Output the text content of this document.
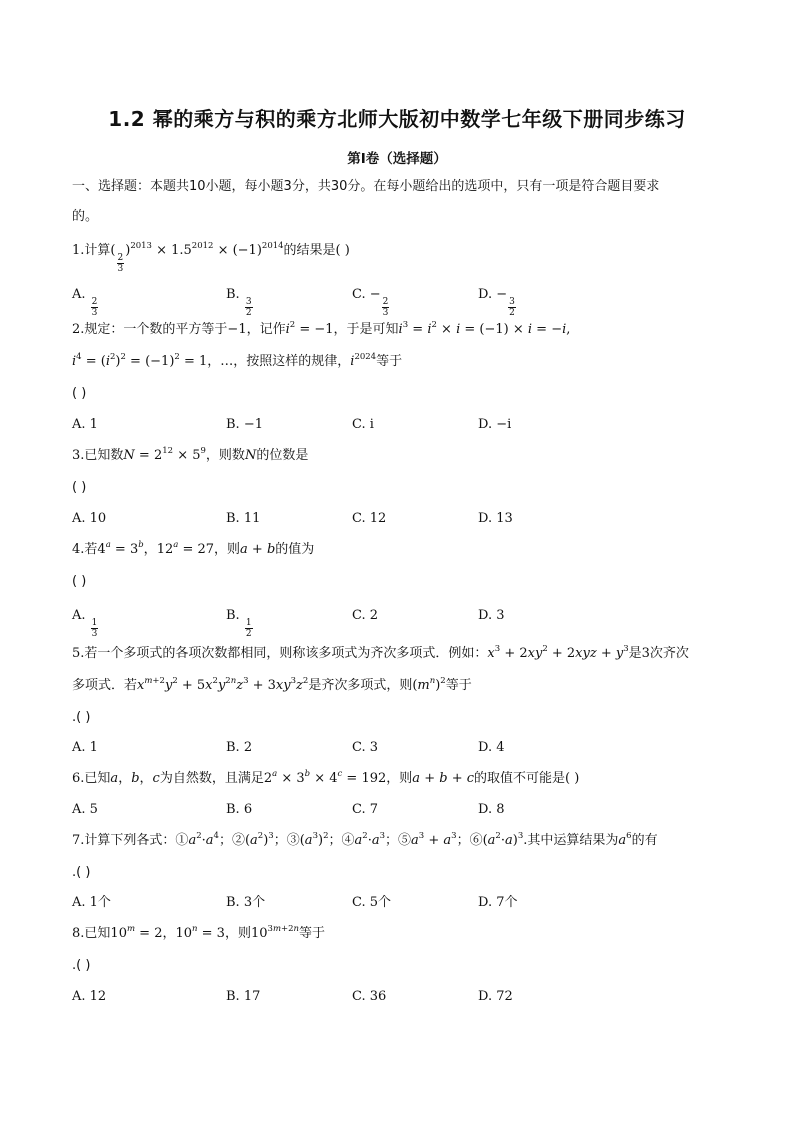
1.2 幂的乘方与积的乘方北师大版初中数学七年级下册同步练习
第I卷（选择题）
一、选择题：本题共10小题，每小题3分，共30分。在每小题给出的选项中，只有一项是符合题目要求
的。
1.计算(
$\frac{2}{3}$
)$^{2013} \times 1.5^{2012} \times (-1)^{2014}$的结果是( )
A.
$\frac{2}{3}$
B.
$\frac{3}{2}$
C. −
$\frac{2}{3}$
D. −
$\frac{3}{2}$
2.规定：一个数的平方等于−1，记作$i^2 = -1$，于是可知$i^3 = i^2 \times i = (-1) \times i = -i$,
$i^4 = (i^2)^2 = (-1)^2 = 1$，…，按照这样的规律，$i^{2024}$等于
( )
A. 1	B. −1	C. i	D. −i
3.已知数$N = 2^{12} \times 5^9$，则数N的位数是
( )
A. 10	B. 11	C. 12	D. 13
4.若$4^a = 3^b$，$12^a = 27$，则a + b的值为
( )
A.
$\frac{1}{3}$
B.
$\frac{1}{2}$
C. 2	D. 3
5.若一个多项式的各项次数都相同，则称该多项式为齐次多项式．例如：$x^3 + 2xy^2 + 2xyz + y^3$是3次齐次
多项式．若$x^{m+2}y^2 + 5x^2y^{2n}z^3 + 3xy^3z^2$是齐次多项式，则$(m^n)^2$等于
.( )
A. 1	B. 2	C. 3	D. 4
6.已知a，b，c为自然数，且满足$2^a \times 3^b \times 4^c = 192$，则a + b + c的取值不可能是( )
A. 5	B. 6	C. 7	D. 8
7.计算下列各式：$①a^2\cdot a^4$；$②(a^2)^3$；$③(a^3)^2$；$④a^2\cdot a^3$；$⑤a^3 + a^3$；$⑥(a^2\cdot a)^3$.其中运算结果为$a^6$的有
.( )
A. 1个	B. 3个	C. 5个	D. 7个
8.已知$10^m = 2$，$10^n = 3$，则$10^{3m+2n}$等于
.( )
A. 12	B. 17	C. 36	D. 72
